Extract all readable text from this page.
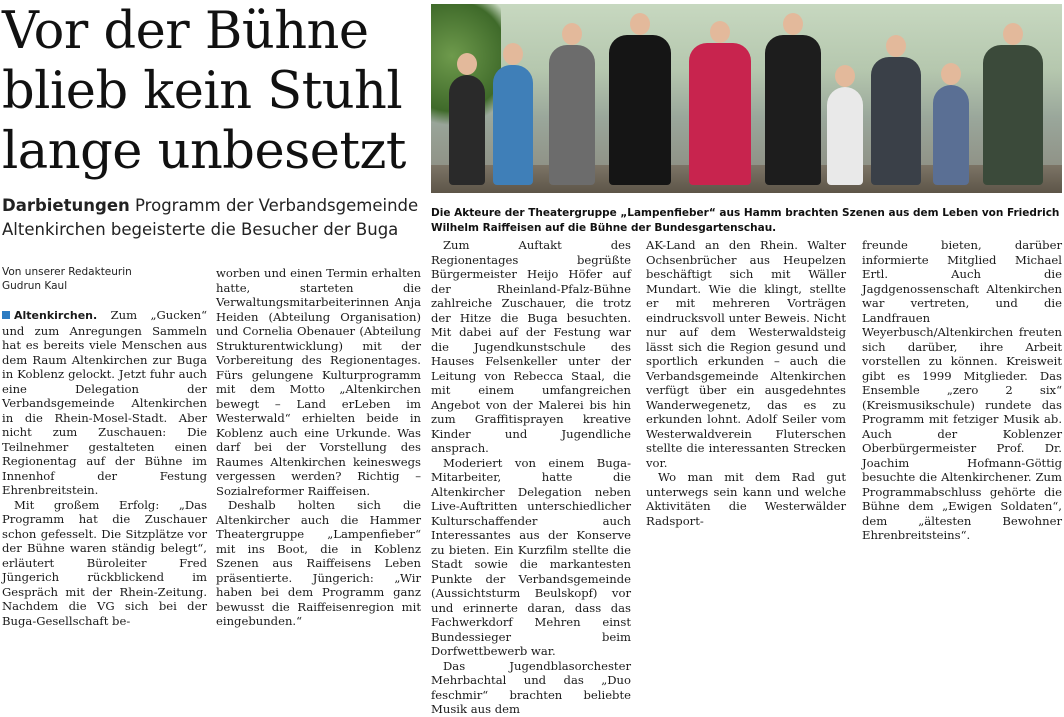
Vor der Bühne
blieb kein Stuhl
lange unbesetzt
Darbietungen Programm der Verbandsgemeinde Altenkirchen begeisterte die Besucher der Buga
Die Akteure der Theatergruppe „Lampenfieber“ aus Hamm brachten Szenen aus dem Leben von Friedrich Wilhelm Raiffeisen auf die Bühne der Bundesgartenschau.
Von unserer Redakteurin
Gudrun Kaul

Altenkirchen. Zum „Gucken“ und zum Anregungen Sammeln hat es bereits viele Menschen aus dem Raum Altenkirchen zur Buga in Koblenz gelockt. Jetzt fuhr auch eine Delegation der Verbandsgemeinde Altenkirchen in die Rhein-Mosel-Stadt. Aber nicht zum Zuschauen: Die Teilnehmer gestalteten einen Regionentag auf der Bühne im Innenhof der Festung Ehrenbreitstein.

Mit großem Erfolg: „Das Programm hat die Zuschauer schon gefesselt. Die Sitzplätze vor der Bühne waren ständig belegt“, erläutert Büroleiter Fred Jüngerich rückblickend im Gespräch mit der Rhein-Zeitung. Nachdem die VG sich bei der Buga-Gesellschaft be-

worben und einen Termin erhalten hatte, starteten die Verwaltungsmitarbeiterinnen Anja Heiden (Abteilung Organisation) und Cornelia Obenauer (Abteilung Strukturentwicklung) mit der Vorbereitung des Regionentages. Fürs gelungene Kulturprogramm mit dem Motto „Altenkirchen bewegt – Land erLeben im Westerwald“ erhielten beide in Koblenz auch eine Urkunde. Was darf bei der Vorstellung des Raumes Altenkirchen keineswegs vergessen werden? Richtig – Sozialreformer Raiffeisen.

Deshalb holten sich die Altenkircher auch die Hammer Theatergruppe „Lampenfieber“ mit ins Boot, die in Koblenz Szenen aus Raiffeisens Leben präsentierte. Jüngerich: „Wir haben bei dem Programm ganz bewusst die Raiffeisenregion mit eingebunden.“

Zum Auftakt des Regionentages begrüßte Bürgermeister Heijo Höfer auf der Rheinland-Pfalz-Bühne zahlreiche Zuschauer, die trotz der Hitze die Buga besuchten. Mit dabei auf der Festung war die Jugendkunstschule des Hauses Felsenkeller unter der Leitung von Rebecca Staal, die mit einem umfangreichen Angebot von der Malerei bis hin zum Graffitisprayen kreative Kinder und Jugendliche ansprach.

Moderiert von einem Buga-Mitarbeiter, hatte die Altenkircher Delegation neben Live-Auftritten unterschiedlicher Kulturschaffender auch Interessantes aus der Konserve zu bieten. Ein Kurzfilm stellte die Stadt sowie die markantesten Punkte der Verbandsgemeinde (Aussichtsturm Beulskopf) vor und erinnerte daran, dass das Fachwerkdorf Mehren einst Bundessieger beim Dorfwettbewerb war.

Das Jugendblasorchester Mehrbachtal und das „Duo feschmir“ brachten beliebte Musik aus dem

AK-Land an den Rhein. Walter Ochsenbrücher aus Heupelzen beschäftigt sich mit Wäller Mundart. Wie die klingt, stellte er mit mehreren Vorträgen eindrucksvoll unter Beweis. Nicht nur auf dem Westerwaldsteig lässt sich die Region gesund und sportlich erkunden – auch die Verbandsgemeinde Altenkirchen verfügt über ein ausgedehntes Wanderwegenetz, das es zu erkunden lohnt. Adolf Seiler vom Westerwaldverein Fluterschen stellte die interessanten Strecken vor.

Wo man mit dem Rad gut unterwegs sein kann und welche Aktivitäten die Westerwälder Radsport-

freunde bieten, darüber informierte Mitglied Michael Ertl. Auch die Jagdgenossenschaft Altenkirchen war vertreten, und die Landfrauen Weyerbusch/Altenkirchen freuten sich darüber, ihre Arbeit vorstellen zu können. Kreisweit gibt es 1999 Mitglieder. Das Ensemble „zero 2 six“ (Kreismusikschule) rundete das Programm mit fetziger Musik ab. Auch der Koblenzer Oberbürgermeister Prof. Dr. Joachim Hofmann-Göttig besuchte die Altenkirchener. Zum Programmabschluss gehörte die Bühne dem „Ewigen Soldaten“, dem „ältesten Bewohner Ehrenbreitsteins“.
